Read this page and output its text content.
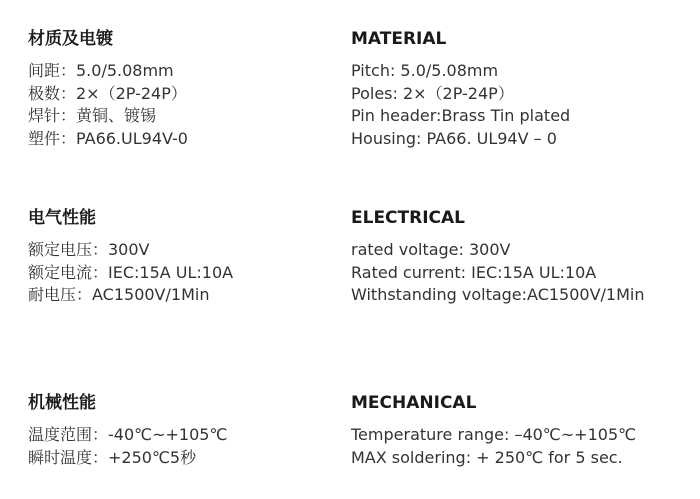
材质及电镀
间距：5.0/5.08mm
极数：2×（2P-24P）
焊针：黄铜、镀锡
塑件：PA66.UL94V-0
电气性能
额定电压：300V
额定电流：IEC:15A UL:10A
耐电压：AC1500V/1Min
机械性能
温度范围：-40℃~+105℃
瞬时温度：+250℃5秒
MATERIAL
Pitch: 5.0/5.08mm
Poles: 2×（2P-24P）
Pin header:Brass Tin plated
Housing: PA66. UL94V – 0
ELECTRICAL
rated voltage: 300V
Rated current: IEC:15A UL:10A
Withstanding voltage:AC1500V/1Min
MECHANICAL
Temperature range: –40℃~+105℃
MAX soldering: + 250℃ for 5 sec.
